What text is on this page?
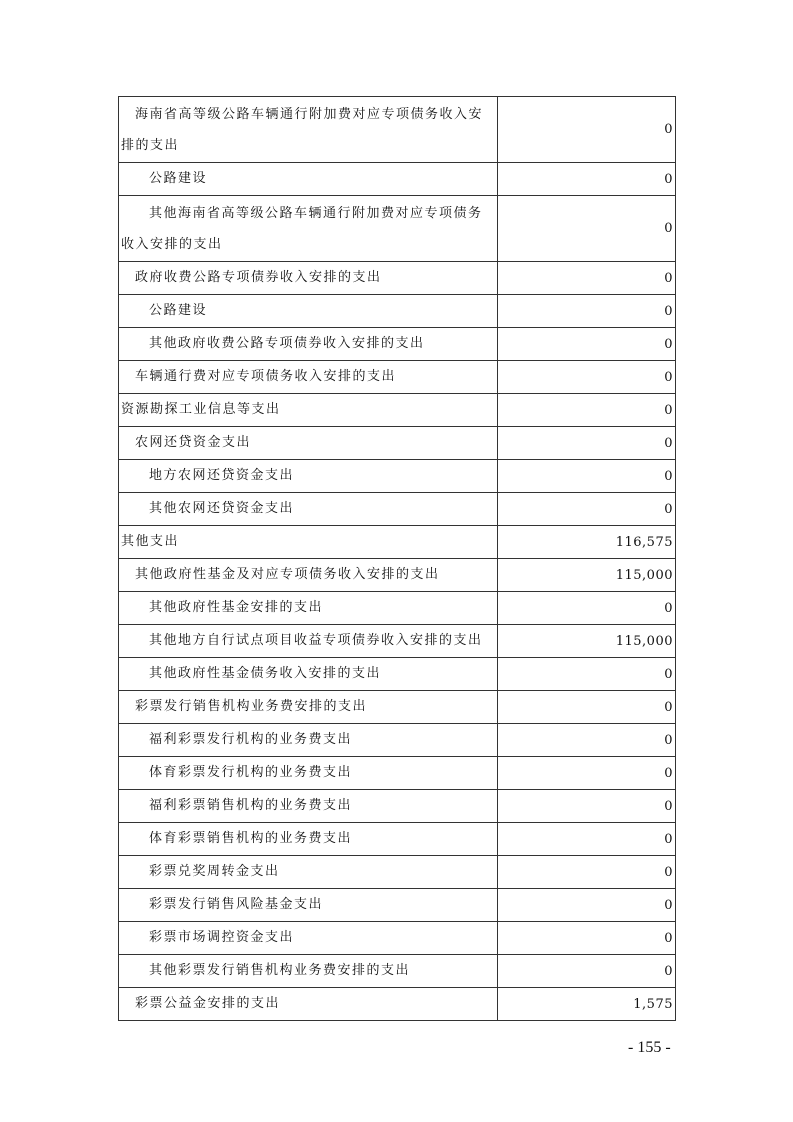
海南省高等级公路车辆通行附加费对应专项债务收入安排的支出	0
公路建设	0
其他海南省高等级公路车辆通行附加费对应专项债务收入安排的支出	0
政府收费公路专项债券收入安排的支出	0
公路建设	0
其他政府收费公路专项债券收入安排的支出	0
车辆通行费对应专项债务收入安排的支出	0
资源勘探工业信息等支出	0
农网还贷资金支出	0
地方农网还贷资金支出	0
其他农网还贷资金支出	0
其他支出	116,575
其他政府性基金及对应专项债务收入安排的支出	115,000
其他政府性基金安排的支出	0
其他地方自行试点项目收益专项债券收入安排的支出	115,000
其他政府性基金债务收入安排的支出	0
彩票发行销售机构业务费安排的支出	0
福利彩票发行机构的业务费支出	0
体育彩票发行机构的业务费支出	0
福利彩票销售机构的业务费支出	0
体育彩票销售机构的业务费支出	0
彩票兑奖周转金支出	0
彩票发行销售风险基金支出	0
彩票市场调控资金支出	0
其他彩票发行销售机构业务费安排的支出	0
彩票公益金安排的支出	1,575
- 155 -
